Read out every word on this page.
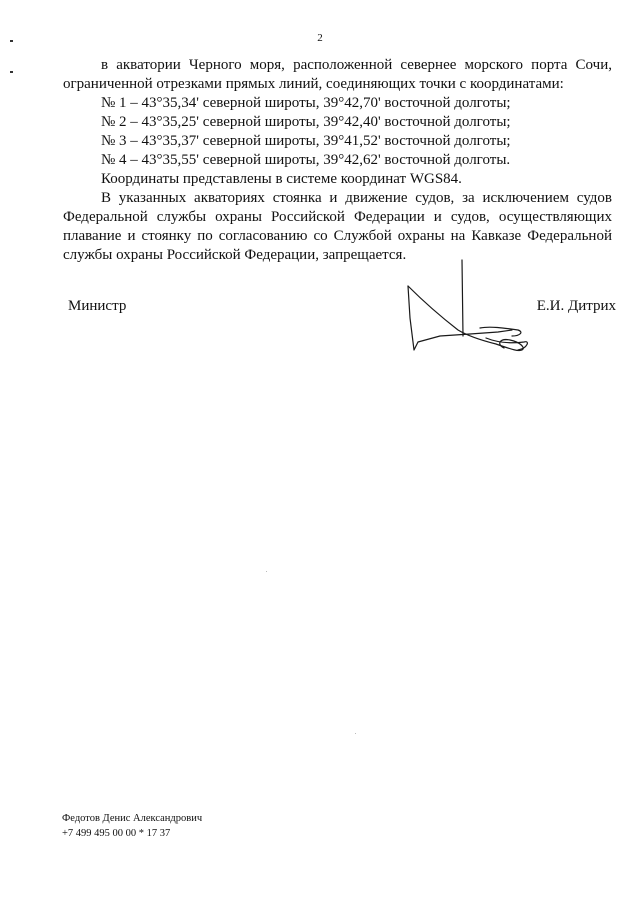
2

в акватории Черного моря, расположенной севернее морского порта Сочи, ограниченной отрезками прямых линий, соединяющих точки с координатами:

№ 1 – 43°35,34' северной широты, 39°42,70' восточной долготы;

№ 2 – 43°35,25' северной широты, 39°42,40' восточной долготы;

№ 3 – 43°35,37' северной широты, 39°41,52' восточной долготы;

№ 4 – 43°35,55' северной широты, 39°42,62' восточной долготы.

Координаты представлены в системе координат WGS84.

В указанных акваториях стоянка и движение судов, за исключением судов Федеральной службы охраны Российской Федерации и судов, осуществляющих плавание и стоянку по согласованию со Службой охраны на Кавказе Федеральной службы охраны Российской Федерации, запрещается.

Министр	Е.И. Дитрих
Федотов Денис Александрович
+7 499 495 00 00 * 17 37
